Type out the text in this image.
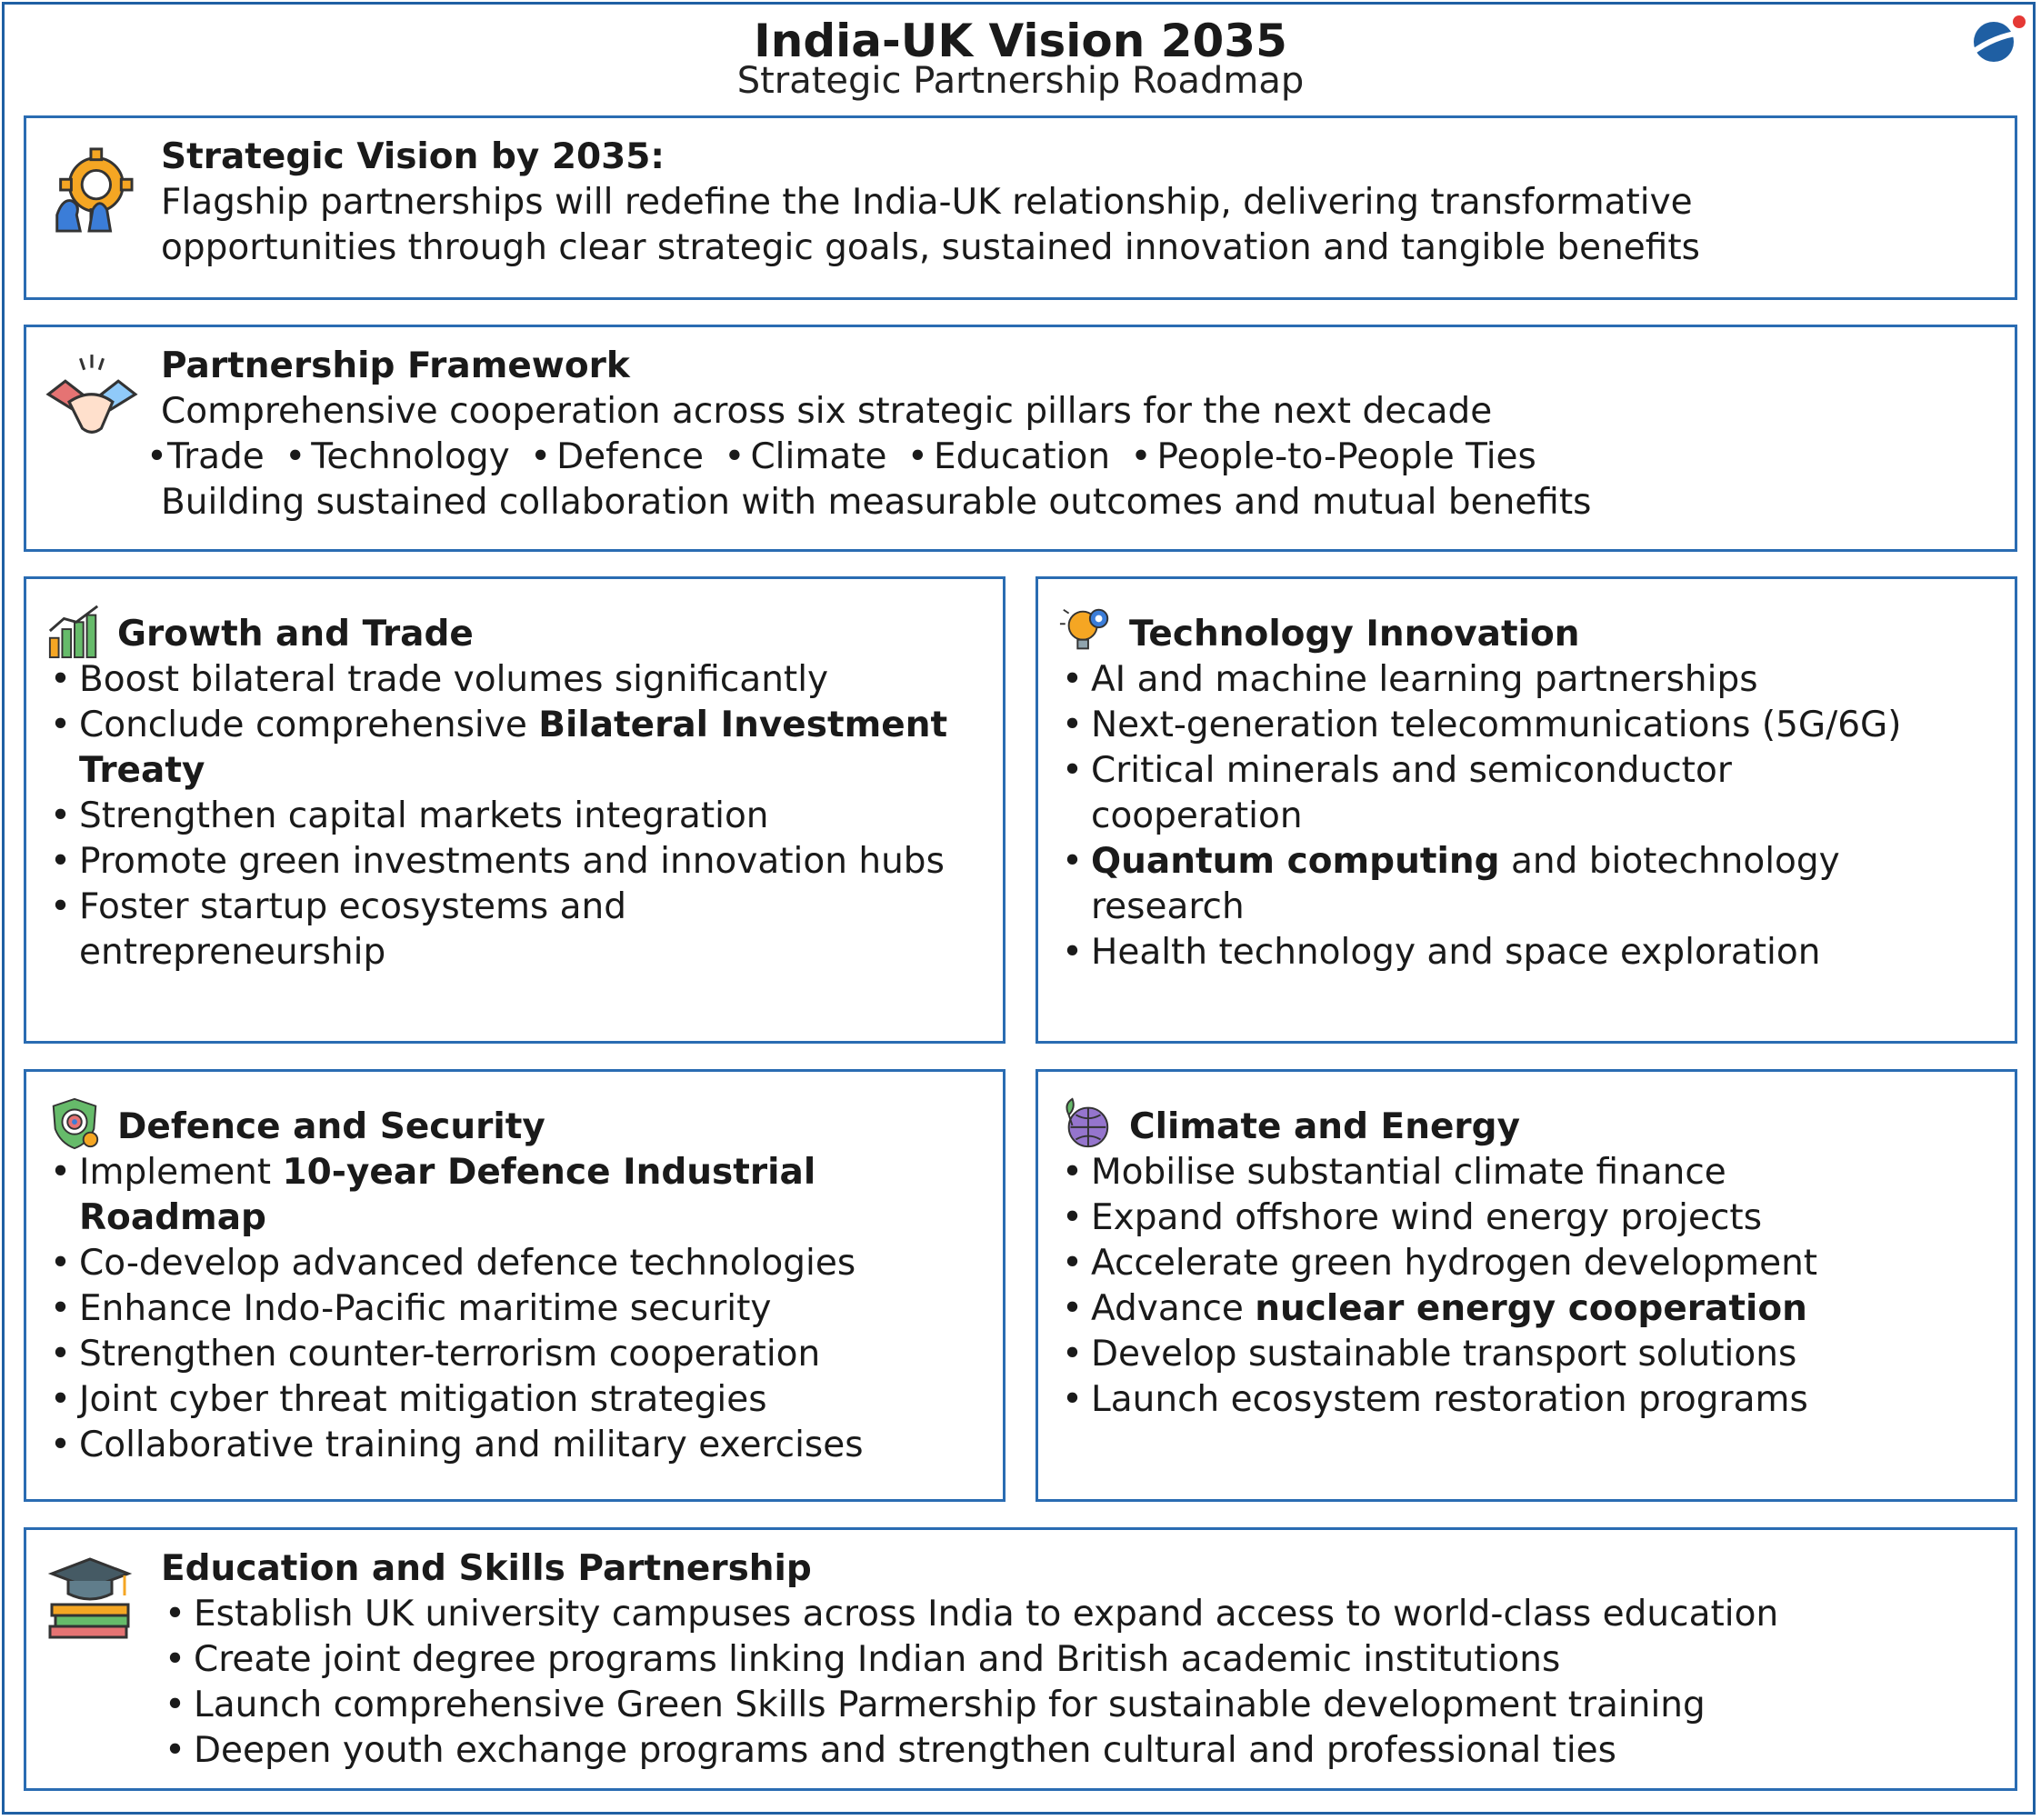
India-UK Vision 2035
Strategic Partnership Roadmap
Strategic Vision by 2035:
Flagship partnerships will redefine the India-UK relationship, delivering transformative
opportunities through clear strategic goals, sustained innovation and tangible benefits
Partnership Framework
Comprehensive cooperation across six strategic pillars for the next decade
•Trade • Technology • Defence • Climate • Education • People-to-People Ties
Building sustained collaboration with measurable outcomes and mutual benefits
Growth and Trade
• Boost bilateral trade volumes significantly
• Conclude comprehensive Bilateral Investment Treaty
• Strengthen capital markets integration
• Promote green investments and innovation hubs
• Foster startup ecosystems and entrepreneurship
Technology Innovation
• AI and machine learning partnerships
• Next-generation telecommunications (5G/6G)
• Critical minerals and semiconductor cooperation
• Quantum computing and biotechnology research
• Health technology and space exploration
Defence and Security
• Implement 10-year Defence Industrial Roadmap
• Co-develop advanced defence technologies
• Enhance Indo-Pacific maritime security
• Strengthen counter-terrorism cooperation
• Joint cyber threat mitigation strategies
• Collaborative training and military exercises
Climate and Energy
• Mobilise substantial climate finance
• Expand offshore wind energy projects
• Accelerate green hydrogen development
• Advance nuclear energy cooperation
• Develop sustainable transport solutions
• Launch ecosystem restoration programs
Education and Skills Partnership
• Establish UK university campuses across India to expand access to world-class education
• Create joint degree programs linking Indian and British academic institutions
• Launch comprehensive Green Skills Parmership for sustainable development training
• Deepen youth exchange programs and strengthen cultural and professional ties
